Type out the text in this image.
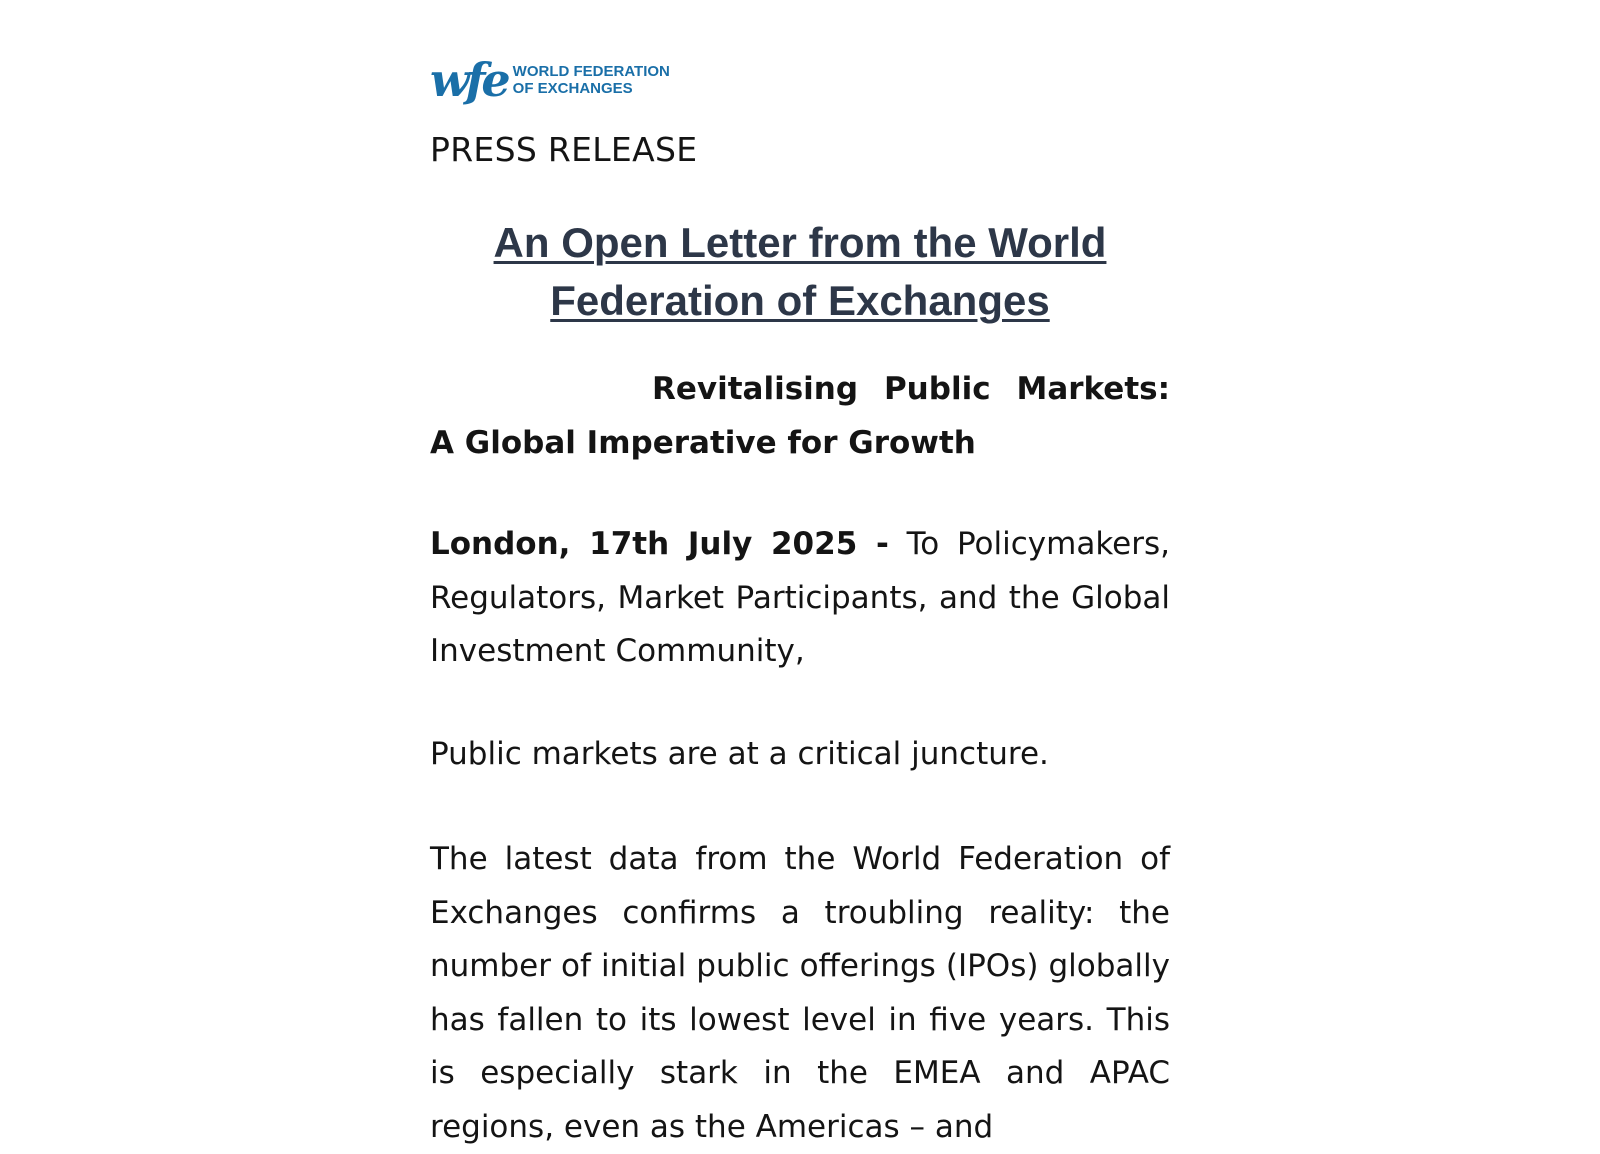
wfe WORLD FEDERATION
OF EXCHANGES
PRESS RELEASE
An Open Letter from the World Federation of Exchanges
Revitalising Public Markets: A Global Imperative for Growth
London, 17th July 2025 - To Policymakers, Regulators, Market Participants, and the Global Investment Community,
Public markets are at a critical juncture.
The latest data from the World Federation of Exchanges confirms a troubling reality: the number of initial public offerings (IPOs) globally has fallen to its lowest level in five years. This is especially stark in the EMEA and APAC regions, even as the Americas – and
